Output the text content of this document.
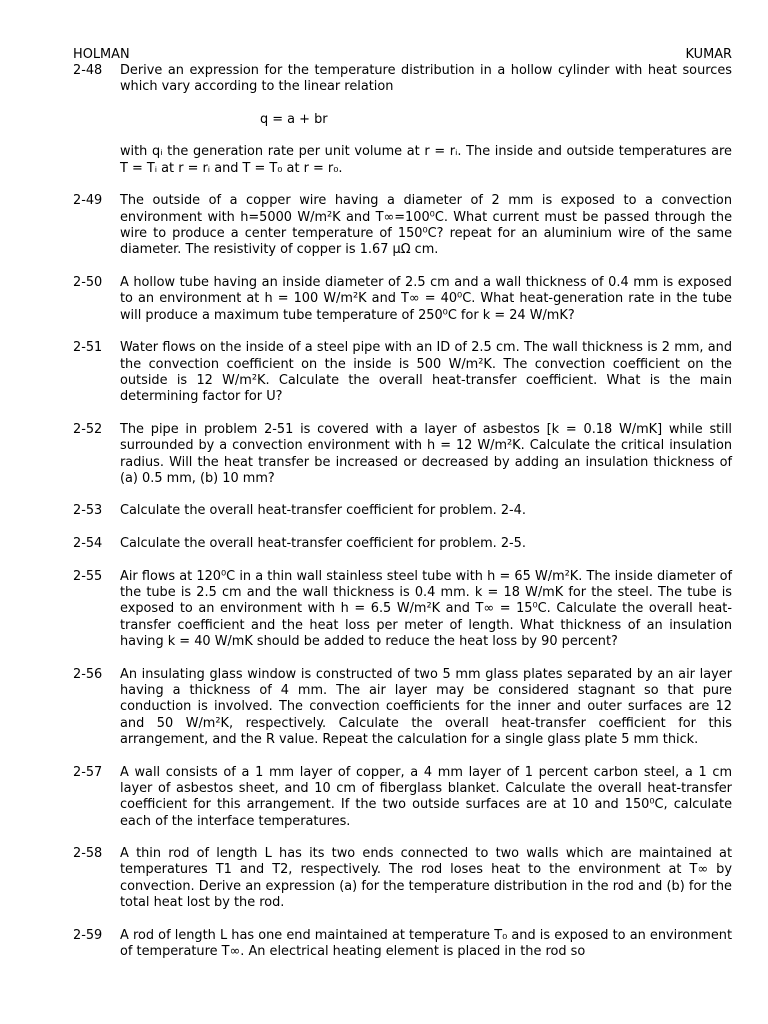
HOLMAN	KUMAR
2-48	Derive an expression for the temperature distribution in a hollow cylinder with heat sources which vary according to the linear relation

q = a + br

with qᵢ the generation rate per unit volume at r = rᵢ. The inside and outside temperatures are T = Tᵢ at r = rᵢ and T = T₀ at r = r₀.

2-49	The outside of a copper wire having a diameter of 2 mm is exposed to a convection environment with h=5000 W/m²K and T∞=100⁰C. What current must be passed through the wire to produce a center temperature of 150⁰C? repeat for an aluminium wire of the same diameter. The resistivity of copper is 1.67 μΩ cm.
2-50	A hollow tube having an inside diameter of 2.5 cm and a wall thickness of 0.4 mm is exposed to an environment at h = 100 W/m²K and T∞ = 40⁰C. What heat-generation rate in the tube will produce a maximum tube temperature of 250⁰C for k = 24 W/mK?
2-51	Water flows on the inside of a steel pipe with an ID of 2.5 cm. The wall thickness is 2 mm, and the convection coefficient on the inside is 500 W/m²K. The convection coefficient on the outside is 12 W/m²K. Calculate the overall heat-transfer coefficient. What is the main determining factor for U?
2-52	The pipe in problem 2-51 is covered with a layer of asbestos [k = 0.18 W/mK] while still surrounded by a convection environment with h = 12 W/m²K. Calculate the critical insulation radius. Will the heat transfer be increased or decreased by adding an insulation thickness of (a) 0.5 mm, (b) 10 mm?
2-53	Calculate the overall heat-transfer coefficient for problem. 2-4.
2-54	Calculate the overall heat-transfer coefficient for problem. 2-5.
2-55	Air flows at 120⁰C in a thin wall stainless steel tube with h = 65 W/m²K. The inside diameter of the tube is 2.5 cm and the wall thickness is 0.4 mm. k = 18 W/mK for the steel. The tube is exposed to an environment with h = 6.5 W/m²K and T∞ = 15⁰C. Calculate the overall heat-transfer coefficient and the heat loss per meter of length. What thickness of an insulation having k = 40 W/mK should be added to reduce the heat loss by 90 percent?
2-56	An insulating glass window is constructed of two 5 mm glass plates separated by an air layer having a thickness of 4 mm. The air layer may be considered stagnant so that pure conduction is involved. The convection coefficients for the inner and outer surfaces are 12 and 50 W/m²K, respectively. Calculate the overall heat-transfer coefficient for this arrangement, and the R value. Repeat the calculation for a single glass plate 5 mm thick.
2-57	A wall consists of a 1 mm layer of copper, a 4 mm layer of 1 percent carbon steel, a 1 cm layer of asbestos sheet, and 10 cm of fiberglass blanket. Calculate the overall heat-transfer coefficient for this arrangement. If the two outside surfaces are at 10 and 150⁰C, calculate each of the interface temperatures.
2-58	A thin rod of length L has its two ends connected to two walls which are maintained at temperatures T1 and T2, respectively. The rod loses heat to the environment at T∞ by convection. Derive an expression (a) for the temperature distribution in the rod and (b) for the total heat lost by the rod.
2-59	A rod of length L has one end maintained at temperature T₀ and is exposed to an environment of temperature T∞. An electrical heating element is placed in the rod so
